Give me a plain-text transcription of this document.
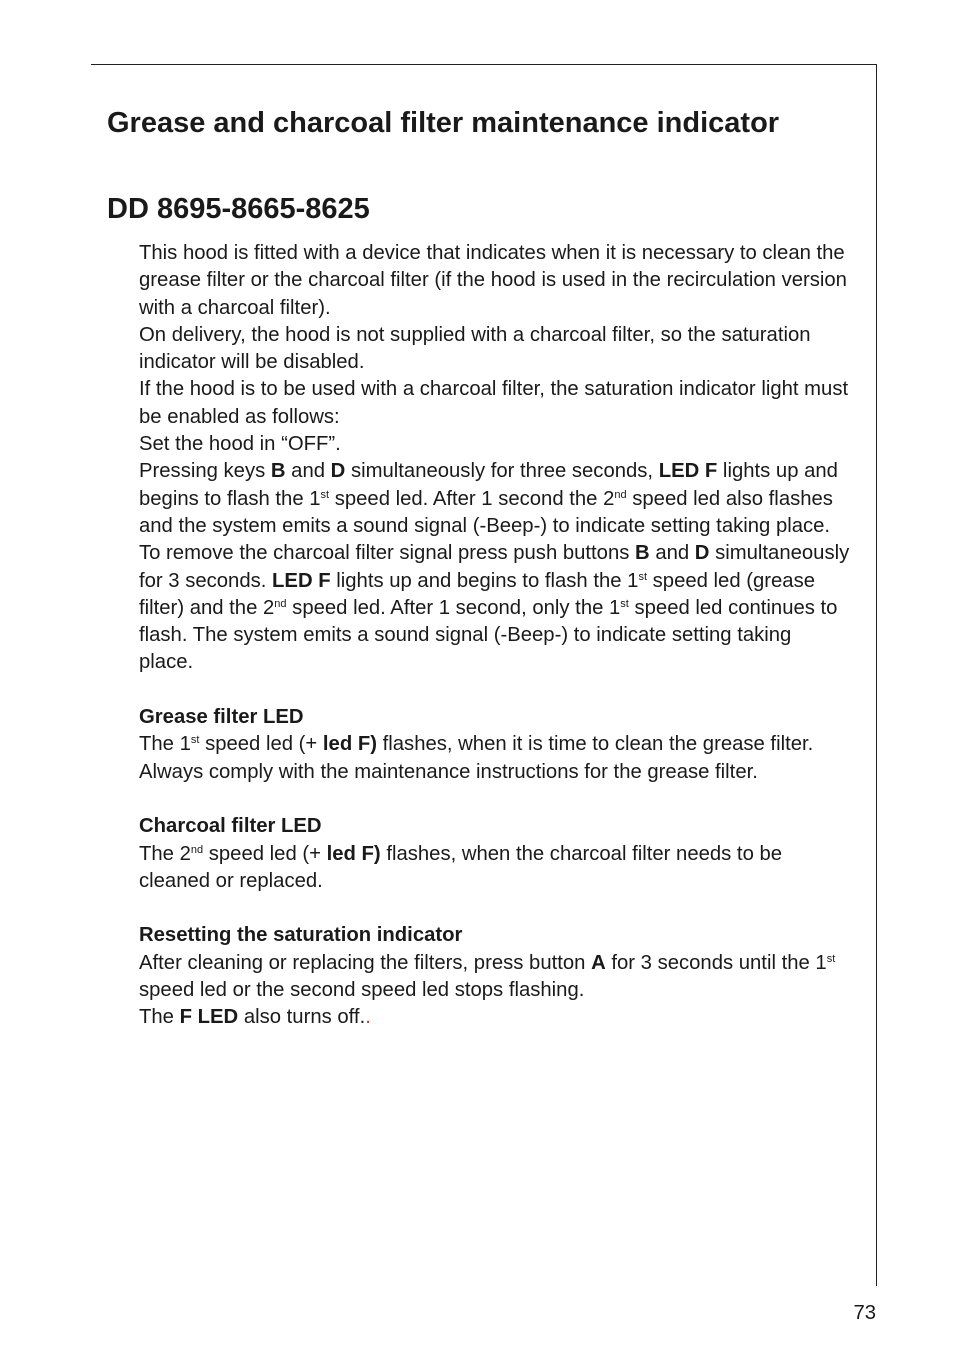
Grease and charcoal filter maintenance indicator
DD 8695-8665-8625

This hood is fitted with a device that indicates when it is necessary to clean the grease filter or the charcoal filter (if the hood is used in the recirculation version with a charcoal filter).

On delivery, the hood is not supplied with a charcoal filter, so the saturation indicator will be disabled.

If the hood is to be used with a charcoal filter, the saturation indicator light must be enabled as follows:

Set the hood in “OFF”.

Pressing keys B and D simultaneously for three seconds, LED F lights up and begins to flash the 1st speed led. After 1 second the 2nd speed led also flashes and the system emits a sound signal (-Beep-) to indicate setting taking place.

To remove the charcoal filter signal press push buttons B and D simultaneously for 3 seconds. LED F lights up and begins to flash the 1st speed led (grease filter) and the 2nd speed led. After 1 second, only the 1st speed led continues to flash. The system emits a sound signal (-Beep-) to indicate setting taking place.

Grease filter LED

The 1st speed led (+ led F) flashes, when it is time to clean the grease filter.

Always comply with the maintenance instructions for the grease filter.

Charcoal filter LED

The 2nd speed led (+ led F) flashes, when the charcoal filter needs to be cleaned or replaced.

Resetting the saturation indicator

After cleaning or replacing the filters, press button A for 3 seconds until the 1st speed led or the second speed led stops flashing.

The F LED also turns off..

73
